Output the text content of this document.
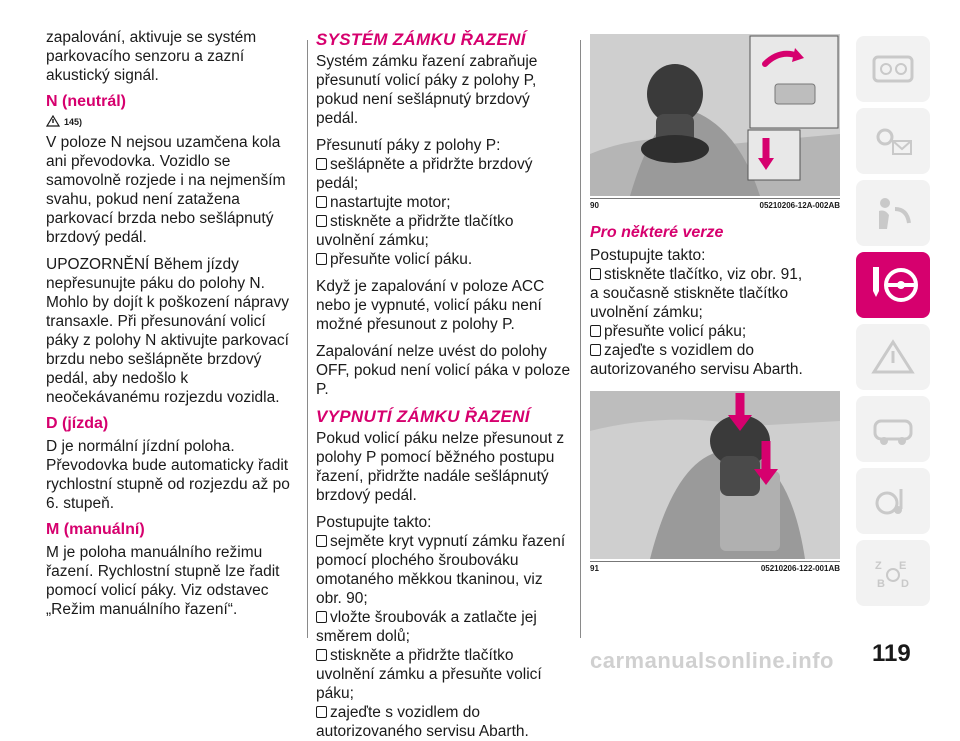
zapalování, aktivuje se systém parkovacího senzoru a zazní akustický signál.

N (neutrál)
145)

V poloze N nejsou uzamčena kola ani převodovka. Vozidlo se samovolně rozjede i na nejmenším svahu, pokud není zatažena parkovací brzda nebo sešlápnutý brzdový pedál.

UPOZORNĚNÍ Během jízdy nepřesunujte páku do polohy N. Mohlo by dojít k poškození nápravy transaxle. Při přesunování volicí páky z polohy N aktivujte parkovací brzdu nebo sešlápněte brzdový pedál, aby nedošlo k neočekávanému rozjezdu vozidla.

D (jízda)

D je normální jízdní poloha. Převodovka bude automaticky řadit rychlostní stupně od rozjezdu až po 6. stupeň.

M (manuální)

M je poloha manuálního režimu řazení. Rychlostní stupně lze řadit pomocí volicí páky. Viz odstavec „Režim manuálního řazení“.

SYSTÉM ZÁMKU ŘAZENÍ

Systém zámku řazení zabraňuje přesunutí volicí páky z polohy P, pokud není sešlápnutý brzdový pedál.

Přesunutí páky z polohy P:

sešlápněte a přidržte brzdový pedál;
nastartujte motor;
stiskněte a přidržte tlačítko uvolnění zámku;
přesuňte volicí páku.

Když je zapalování v poloze ACC nebo je vypnuté, volicí páku není možné přesunout z polohy P.

Zapalování nelze uvést do polohy OFF, pokud není volicí páka v poloze P.

VYPNUTÍ ZÁMKU ŘAZENÍ

Pokud volicí páku nelze přesunout z polohy P pomocí běžného postupu řazení, přidržte nadále sešlápnutý brzdový pedál.

Postupujte takto:

sejměte kryt vypnutí zámku řazení pomocí plochého šroubováku omotaného měkkou tkaninou, viz obr. 90;
vložte šroubovák a zatlačte jej směrem dolů;
stiskněte a přidržte tlačítko uvolnění zámku a přesuňte volicí páku;
zajeďte s vozidlem do autorizovaného servisu Abarth.
90	05210206-12A-002AB
Pro některé verze

Postupujte takto:

stiskněte tlačítko, viz obr. 91,

a současně stiskněte tlačítko uvolnění zámku;

přesuňte volicí páku;
zajeďte s vozidlem do autorizovaného servisu Abarth.
91	05210206-122-001AB	Z E
B D
119
carmanualsonline.info
